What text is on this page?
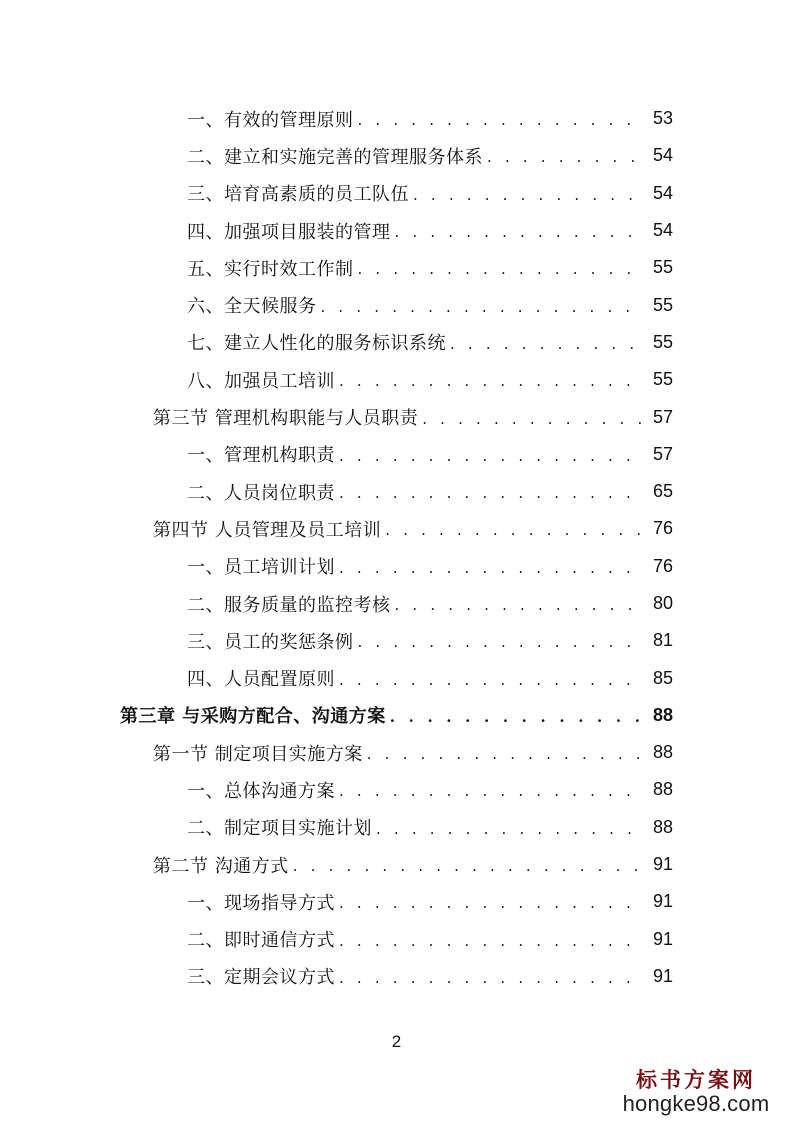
一、有效的管理原则 . . .	53
二、建立和实施完善的管理服务体系 . . .	54
三、培育高素质的员工队伍 . . .	54
四、加强项目服装的管理 . . .	54
五、实行时效工作制 . . .	55
六、全天候服务 . . .	55
七、建立人性化的服务标识系统 . . .	55
八、加强员工培训 . . .	55
第三节 管理机构职能与人员职责 . . .	57
一、管理机构职责 . . .	57
二、人员岗位职责 . . .	65
第四节 人员管理及员工培训 . . .	76
一、员工培训计划 . . .	76
二、服务质量的监控考核 . . .	80
三、员工的奖惩条例 . . .	81
四、人员配置原则 . . .	85
第三章 与采购方配合、沟通方案 . . .	88
第一节 制定项目实施方案 . . .	88
一、总体沟通方案 . . .	88
二、制定项目实施计划 . . .	88
第二节 沟通方式 . . .	91
一、现场指导方式 . . .	91
二、即时通信方式 . . .	91
三、定期会议方式 . . .	91
2
标书方案网
hongke98.com
